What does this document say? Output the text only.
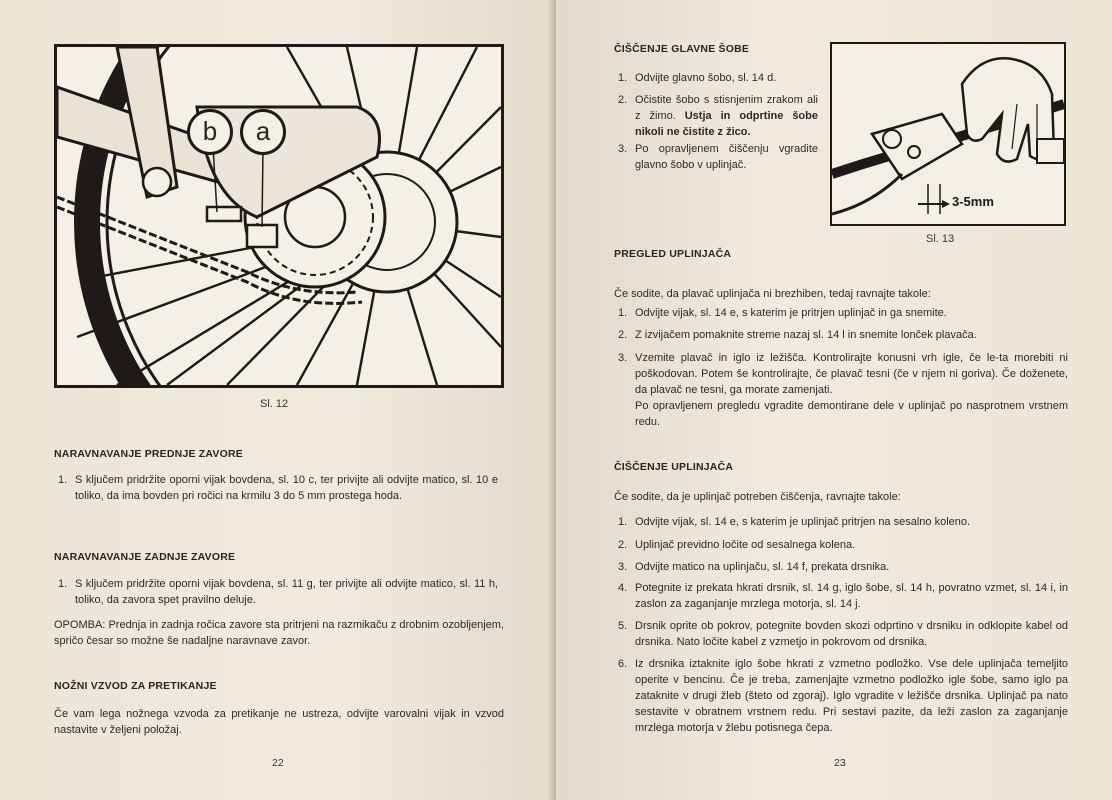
b	a
Sl. 12
NARAVNAVANJE PREDNJE ZAVORE
1. S ključem pridržite oporni vijak bovdena, sl. 10 c, ter privijte ali odvijte matico, sl. 10 e toliko, da ima bovden pri ročici na krmilu 3 do 5 mm prostega hoda.
NARAVNAVANJE ZADNJE ZAVORE
1. S ključem pridržite oporni vijak bovdena, sl. 11 g, ter privijte ali odvijte matico, sl. 11 h, toliko, da zavora spet pravilno deluje.
OPOMBA: Prednja in zadnja ročica zavore sta pritrjeni na razmikaču z drobnim ozobljenjem, spričo česar so možne še nadaljne naravnave zavor.
NOŽNI VZVOD ZA PRETIKANJE
Če vam lega nožnega vzvoda za pretikanje ne ustreza, odvijte varovalni vijak in vzvod nastavite v željeni položaj.
22
ČIŠČENJE GLAVNE ŠOBE
1. Odvijte glavno šobo, sl. 14 d.
2. Očistite šobo s stisnjenim zrakom ali z žimo. Ustja in odprtine šobe nikoli ne čistite z žico.
3. Po opravljenem čiščenju vgradite glavno šobo v uplinjač.
PREGLED UPLINJAČA
Če sodite, da plavač uplinjača ni brezhiben, tedaj ravnajte takole:
1. Odvijte vijak, sl. 14 e, s katerim je pritrjen uplinjač in ga snemite.
2. Z izvijačem pomaknite streme nazaj sl. 14 l in snemite lonček plavača.
3. Vzemite plavač in iglo iz ležišča. Kontrolirajte konusni vrh igle, če le-ta morebiti ni poškodovan. Potem še kontrolirajte, če plavač tesni (če v njem ni goriva). Če doženete, da plavač ne tesni, ga morate zamenjati.
Po opravljenem pregledu vgradite demontirane dele v uplinjač po nasprotnem vrstnem redu.
ČIŠČENJE UPLINJAČA
Če sodite, da je uplinjač potreben čiščenja, ravnajte takole:
1. Odvijte vijak, sl. 14 e, s katerim je uplinjač pritrjen na sesalno koleno.
2. Uplinjač previdno ločite od sesalnega kolena.
3. Odvijte matico na uplinjaču, sl. 14 f, prekata drsnika.
4. Potegnite iz prekata hkrati drsnik, sl. 14 g, iglo šobe, sl. 14 h, povratno vzmet, sl. 14 i, in zaslon za zaganjanje mrzlega motorja, sl. 14 j.
5. Drsnik oprite ob pokrov, potegnite bovden skozi odprtino v drsniku in odklopite kabel od drsnika. Nato ločite kabel z vzmetjo in pokrovom od drsnika.
6. Iz drsnika iztaknite iglo šobe hkrati z vzmetno podložko. Vse dele uplinjača temeljito operite v bencinu. Če je treba, zamenjajte vzmetno podložko igle šobe, samo iglo pa zataknite v drugi žleb (šteto od zgoraj). Iglo vgradite v ležišče drsnika. Uplinjač pa nato sestavite v obratnem vrstnem redu. Pri sestavi pazite, da leži zaslon za zaganjanje mrzlega motorja v žlebu potisnega čepa.
23
3-5mm
Sl. 13
